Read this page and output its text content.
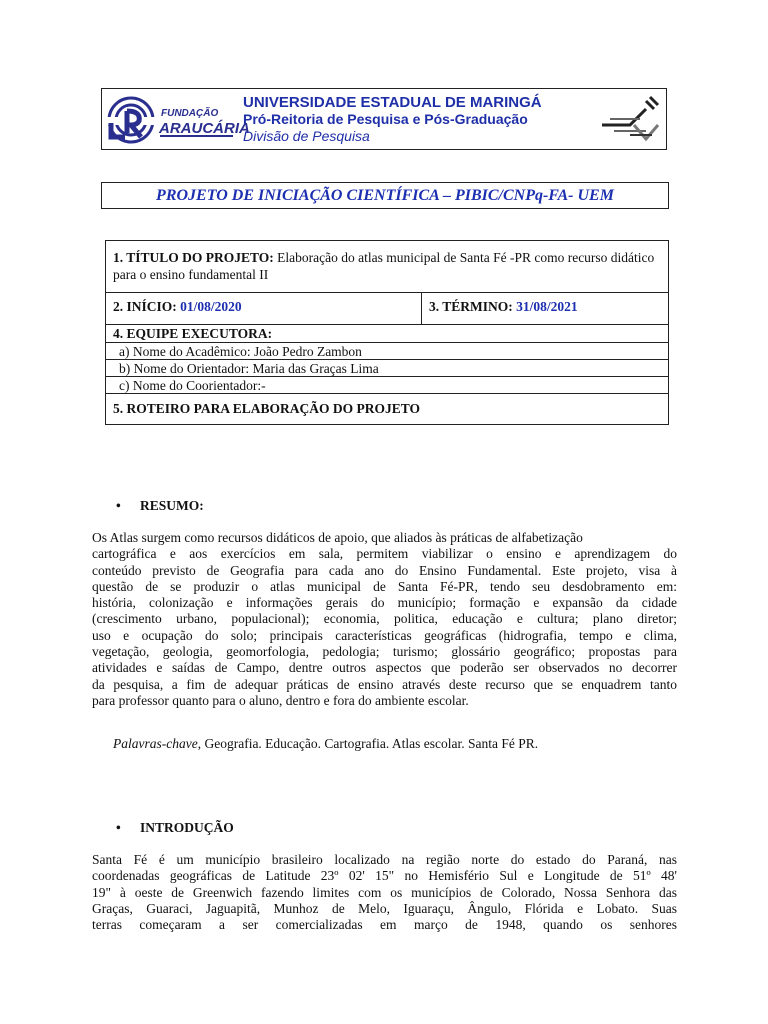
FUNDAÇÃO
ARAUCÁRIA
UNIVERSIDADE ESTADUAL DE MARINGÁ
Pró-Reitoria de Pesquisa e Pós-Graduação
Divisão de Pesquisa
PROJETO DE INICIAÇÃO CIENTÍFICA – PIBIC/CNPq-FA- UEM
1. TÍTULO DO PROJETO: Elaboração do atlas municipal de Santa Fé -PR como recurso didático para o ensino fundamental II
2. INÍCIO: 01/08/2020	3. TÉRMINO: 31/08/2021
4. EQUIPE EXECUTORA:
a) Nome do Acadêmico: João Pedro Zambon
b) Nome do Orientador: Maria das Graças Lima
c) Nome do Coorientador:-
5. ROTEIRO PARA ELABORAÇÃO DO PROJETO
• RESUMO:
Os Atlas surgem como recursos didáticos de apoio, que aliados às práticas de alfabetização
cartográfica e aos exercícios em sala, permitem viabilizar o ensino e aprendizagem do
conteúdo previsto de Geografia para cada ano do Ensino Fundamental. Este projeto, visa à
questão de se produzir o atlas municipal de Santa Fé-PR, tendo seu desdobramento em:
história, colonização e informações gerais do município; formação e expansão da cidade
(crescimento urbano, populacional); economia, politica, educação e cultura; plano diretor;
uso e ocupação do solo; principais características geográficas (hidrografia, tempo e clima,
vegetação, geologia, geomorfologia, pedologia; turismo; glossário geográfico; propostas para
atividades e saídas de Campo, dentre outros aspectos que poderão ser observados no decorrer
da pesquisa, a fim de adequar práticas de ensino através deste recurso que se enquadrem tanto
para professor quanto para o aluno, dentro e fora do ambiente escolar.
Palavras-chave, Geografia. Educação. Cartografia. Atlas escolar. Santa Fé PR.
• INTRODUÇÃO
Santa Fé é um município brasileiro localizado na região norte do estado do Paraná, nas
coordenadas geográficas de Latitude 23º 02' 15" no Hemisfério Sul e Longitude de 51º 48'
19" à oeste de Greenwich fazendo limites com os municípios de Colorado, Nossa Senhora das
Graças, Guaraci, Jaguapitã, Munhoz de Melo, Iguaraçu, Ângulo, Flórida e Lobato. Suas
terras começaram a ser comercializadas em março de 1948, quando os senhores
